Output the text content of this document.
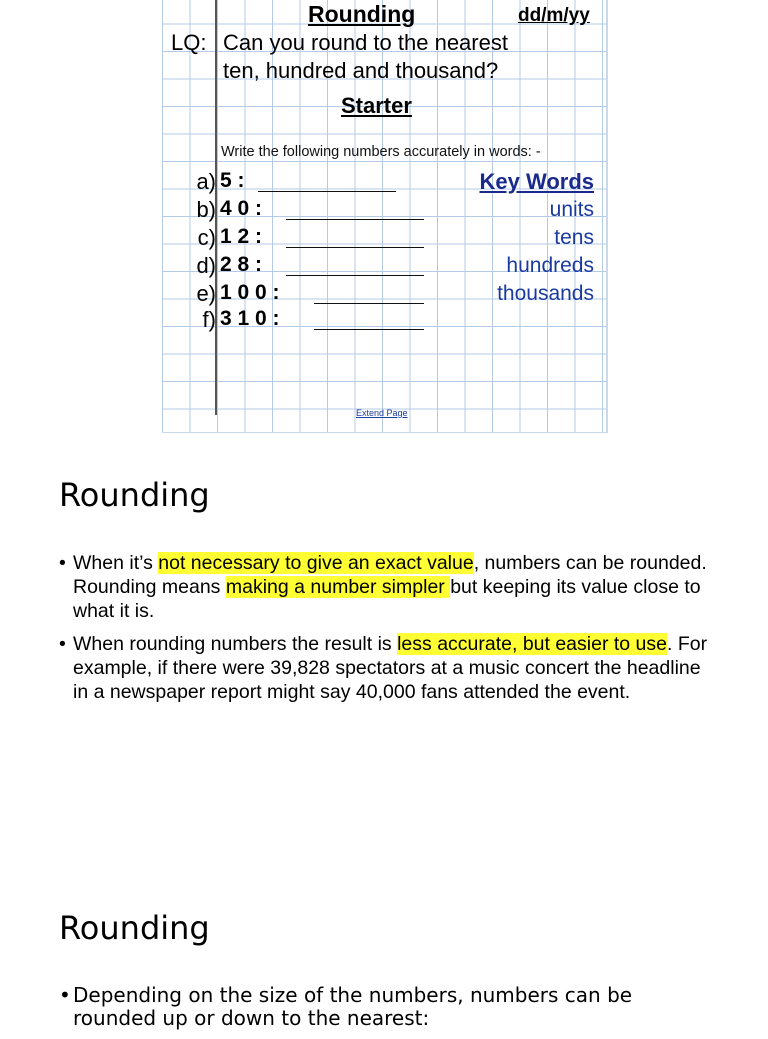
Rounding	dd/m/yy
LQ: Can you round to the nearest
ten, hundred and thousand?
Starter
Write the following numbers accurately in words: -
a) 5 :
b) 4 0 :
c) 1 2 :
d) 2 8 :
e) 1 0 0 :
f) 3 1 0 :
Key Words
units
tens
hundreds
thousands
Extend Page
Rounding
• When it’s not necessary to give an exact value, numbers can be rounded. Rounding means making a number simpler but keeping its value close to what it is.
• When rounding numbers the result is less accurate, but easier to use. For example, if there were 39,828 spectators at a music concert the headline in a newspaper report might say 40,000 fans attended the event.
Rounding
• Depending on the size of the numbers, numbers can be rounded up or down to the nearest:
